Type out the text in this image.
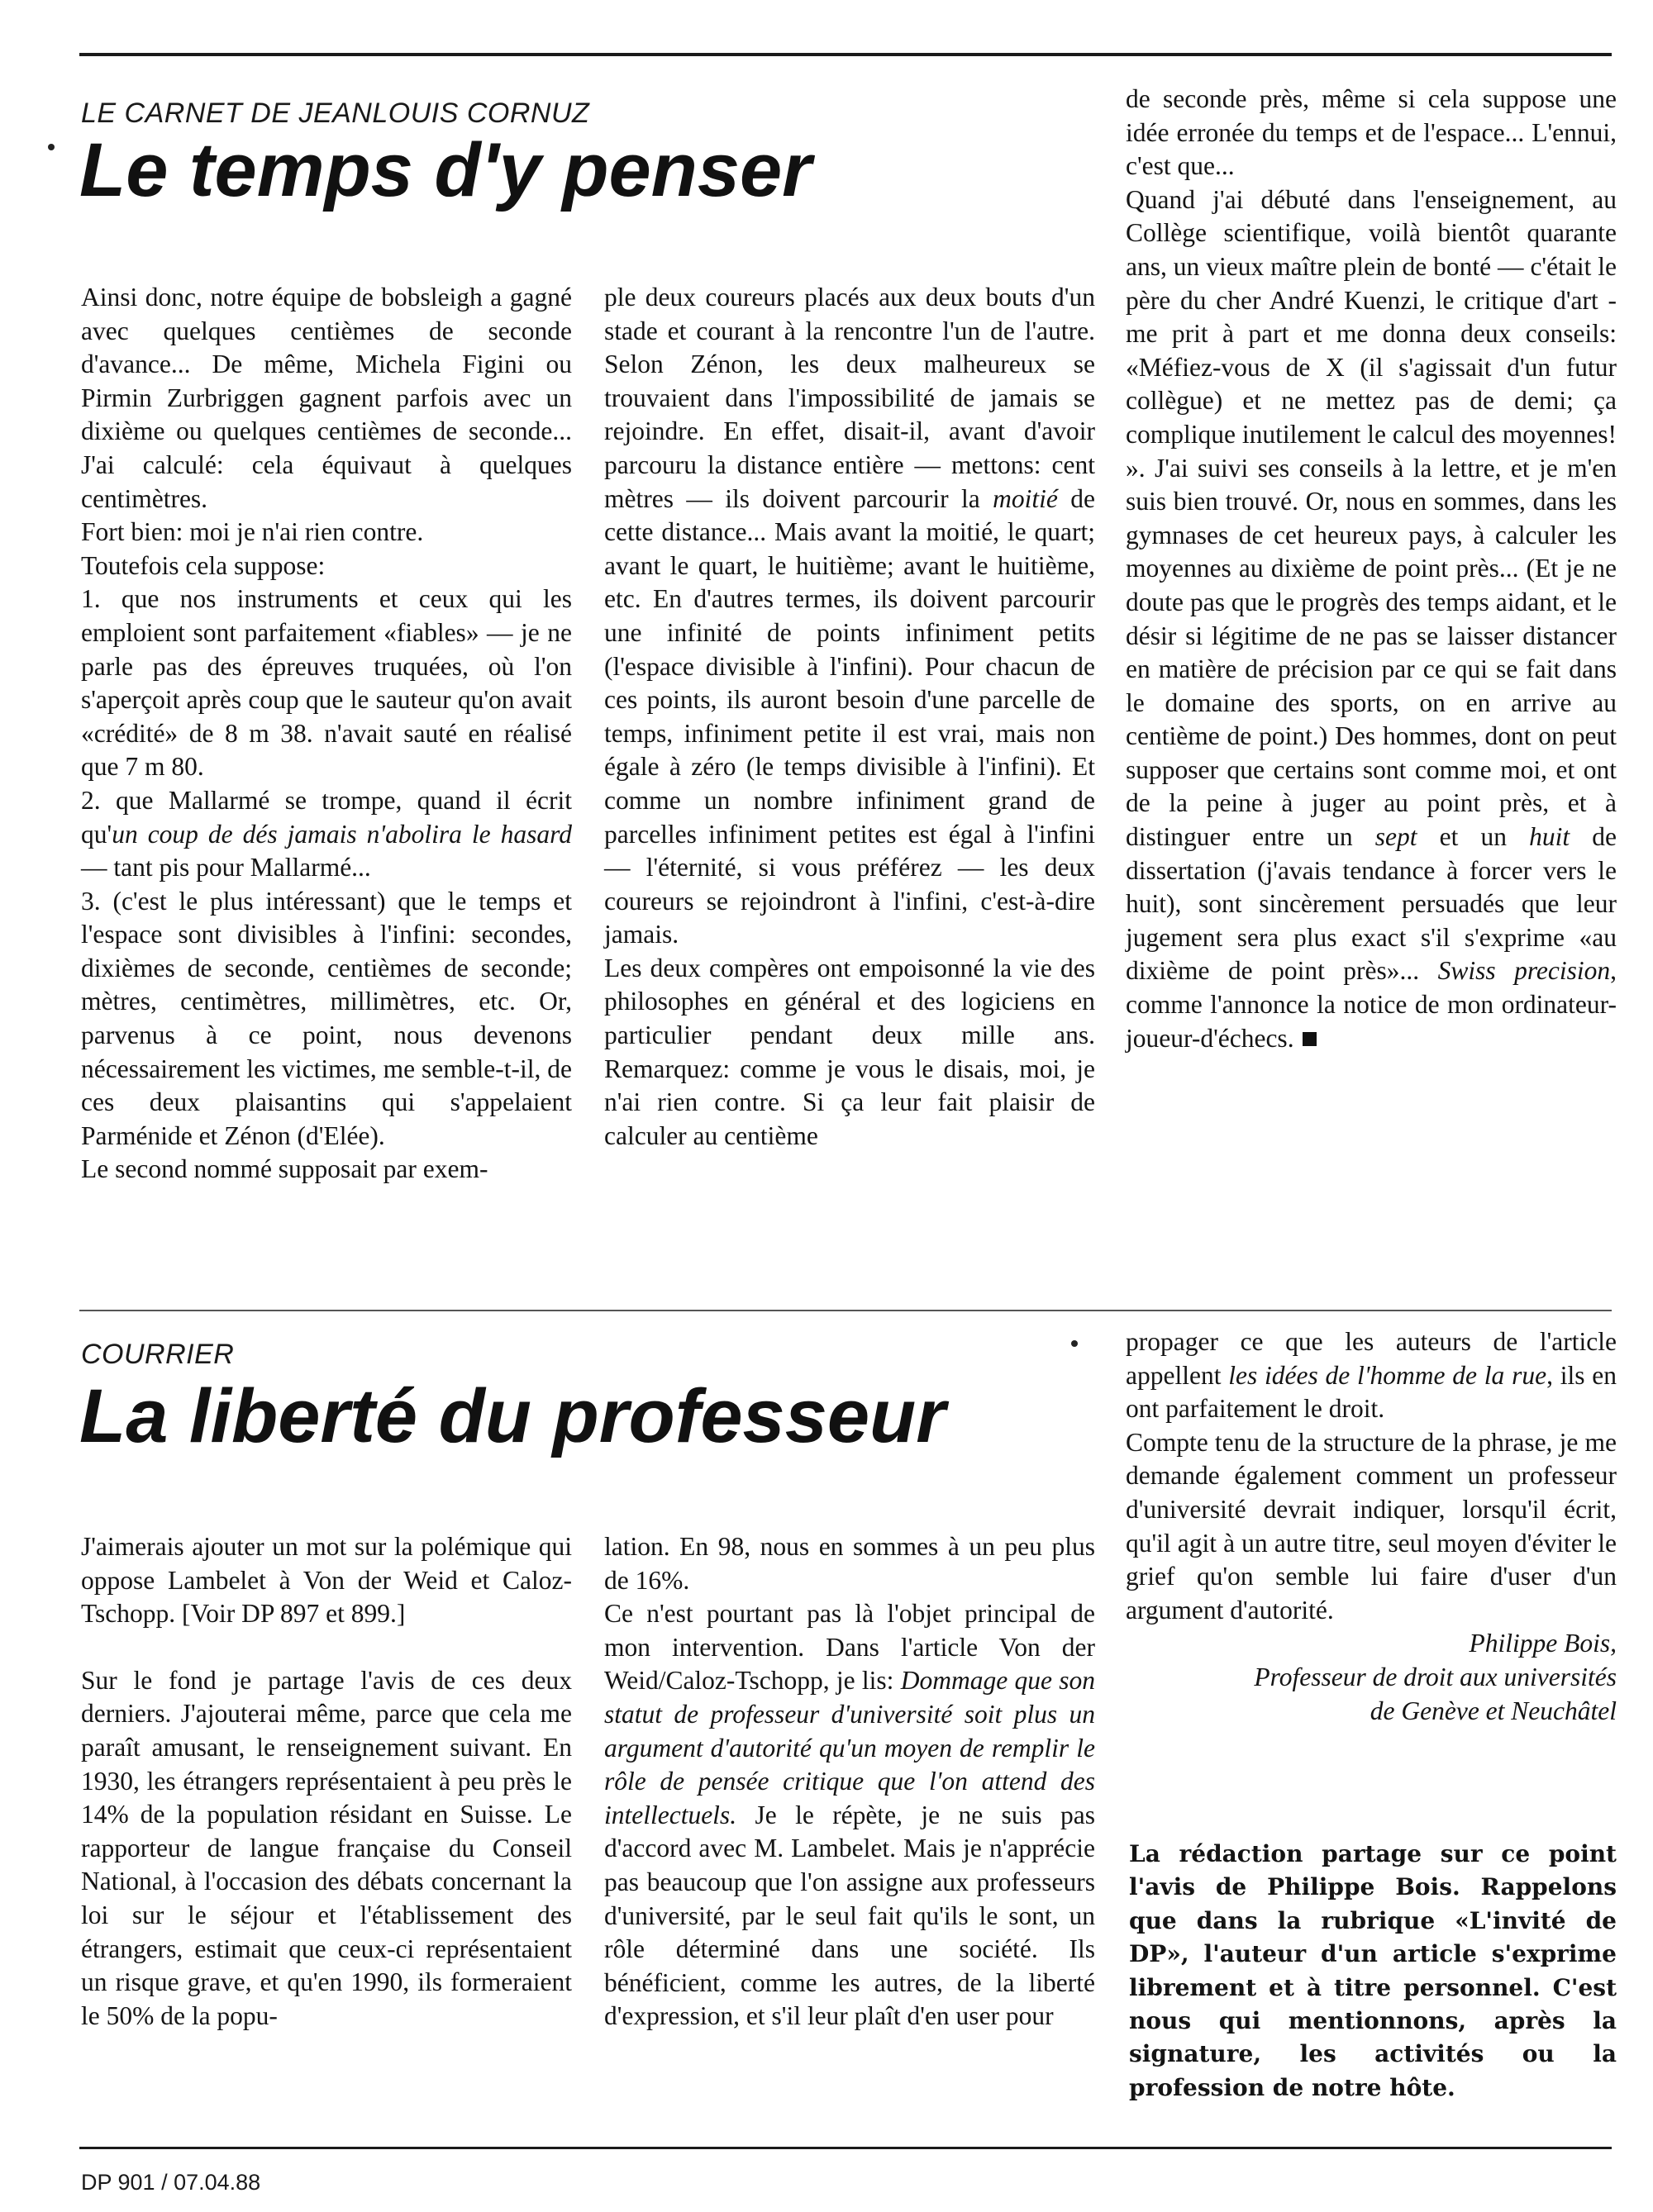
LE CARNET DE JEANLOUIS CORNUZ
Le temps d'y penser

Ainsi donc, notre équipe de bobsleigh a gagné avec quelques centièmes de seconde d'avance... De même, Michela Figini ou Pirmin Zurbriggen gagnent parfois avec un dixième ou quelques centièmes de seconde... J'ai calculé: cela équivaut à quelques centimètres.

Fort bien: moi je n'ai rien contre.

Toutefois cela suppose:

1. que nos instruments et ceux qui les emploient sont parfaitement «fiables» — je ne parle pas des épreuves truquées, où l'on s'aperçoit après coup que le sauteur qu'on avait «crédité» de 8 m 38. n'avait sauté en réalisé que 7 m 80.

2. que Mallarmé se trompe, quand il écrit qu'un coup de dés jamais n'abolira le hasard — tant pis pour Mallarmé...

3. (c'est le plus intéressant) que le temps et l'espace sont divisibles à l'infini: secondes, dixièmes de seconde, centièmes de seconde; mètres, centimètres, millimètres, etc. Or, parvenus à ce point, nous devenons nécessairement les victimes, me semble-t-il, de ces deux plaisantins qui s'appelaient Parménide et Zénon (d'Elée).

Le second nommé supposait par exem-

ple deux coureurs placés aux deux bouts d'un stade et courant à la rencontre l'un de l'autre. Selon Zénon, les deux malheureux se trouvaient dans l'impossibilité de jamais se rejoindre. En effet, disait-il, avant d'avoir parcouru la distance entière — mettons: cent mètres — ils doivent parcourir la moitié de cette distance... Mais avant la moitié, le quart; avant le quart, le huitième; avant le huitième, etc. En d'autres termes, ils doivent parcourir une infinité de points infiniment petits (l'espace divisible à l'infini). Pour chacun de ces points, ils auront besoin d'une parcelle de temps, infiniment petite il est vrai, mais non égale à zéro (le temps divisible à l'infini). Et comme un nombre infiniment grand de parcelles infiniment petites est égal à l'infini — l'éternité, si vous préférez — les deux coureurs se rejoindront à l'infini, c'est-à-dire jamais.

Les deux compères ont empoisonné la vie des philosophes en général et des logiciens en particulier pendant deux mille ans. Remarquez: comme je vous le disais, moi, je n'ai rien contre. Si ça leur fait plaisir de calculer au centième

de seconde près, même si cela suppose une idée erronée du temps et de l'espace... L'ennui, c'est que...

Quand j'ai débuté dans l'enseignement, au Collège scientifique, voilà bientôt quarante ans, un vieux maître plein de bonté — c'était le père du cher André Kuenzi, le critique d'art - me prit à part et me donna deux conseils: «Méfiez-vous de X (il s'agissait d'un futur collègue) et ne mettez pas de demi; ça complique inutilement le calcul des moyennes! ». J'ai suivi ses conseils à la lettre, et je m'en suis bien trouvé. Or, nous en sommes, dans les gymnases de cet heureux pays, à calculer les moyennes au dixième de point près... (Et je ne doute pas que le progrès des temps aidant, et le désir si légitime de ne pas se laisser distancer en matière de précision par ce qui se fait dans le domaine des sports, on en arrive au centième de point.) Des hommes, dont on peut supposer que certains sont comme moi, et ont de la peine à juger au point près, et à distinguer entre un sept et un huit de dissertation (j'avais tendance à forcer vers le huit), sont sincèrement persuadés que leur jugement sera plus exact s'il s'exprime «au dixième de point près»... Swiss precision, comme l'annonce la notice de mon ordinateur-joueur-d'échecs.

COURRIER
La liberté du professeur

J'aimerais ajouter un mot sur la polémique qui oppose Lambelet à Von der Weid et Caloz-Tschopp. [Voir DP 897 et 899.]

Sur le fond je partage l'avis de ces deux derniers. J'ajouterai même, parce que cela me paraît amusant, le renseignement suivant. En 1930, les étrangers représentaient à peu près le 14% de la population résidant en Suisse. Le rapporteur de langue française du Conseil National, à l'occasion des débats concernant la loi sur le séjour et l'établissement des étrangers, estimait que ceux-ci représentaient un risque grave, et qu'en 1990, ils formeraient le 50% de la popu-

lation. En 98, nous en sommes à un peu plus de 16%.

Ce n'est pourtant pas là l'objet principal de mon intervention. Dans l'article Von der Weid/Caloz-Tschopp, je lis: Dommage que son statut de professeur d'université soit plus un argument d'autorité qu'un moyen de remplir le rôle de pensée critique que l'on attend des intellectuels. Je le répète, je ne suis pas d'accord avec M. Lambelet. Mais je n'apprécie pas beaucoup que l'on assigne aux professeurs d'université, par le seul fait qu'ils le sont, un rôle déterminé dans une société. Ils bénéficient, comme les autres, de la liberté d'expression, et s'il leur plaît d'en user pour

propager ce que les auteurs de l'article appellent les idées de l'homme de la rue, ils en ont parfaitement le droit.

Compte tenu de la structure de la phrase, je me demande également comment un professeur d'université devrait indiquer, lorsqu'il écrit, qu'il agit à un autre titre, seul moyen d'éviter le grief qu'on semble lui faire d'user d'un argument d'autorité.

Philippe Bois,
Professeur de droit aux universités
de Genève et Neuchâtel

La rédaction partage sur ce point l'avis de Philippe Bois. Rappelons que dans la rubrique «L'invité de DP», l'auteur d'un article s'exprime librement et à titre personnel. C'est nous qui mentionnons, après la signature, les activités ou la profession de notre hôte.

DP 901 / 07.04.88
